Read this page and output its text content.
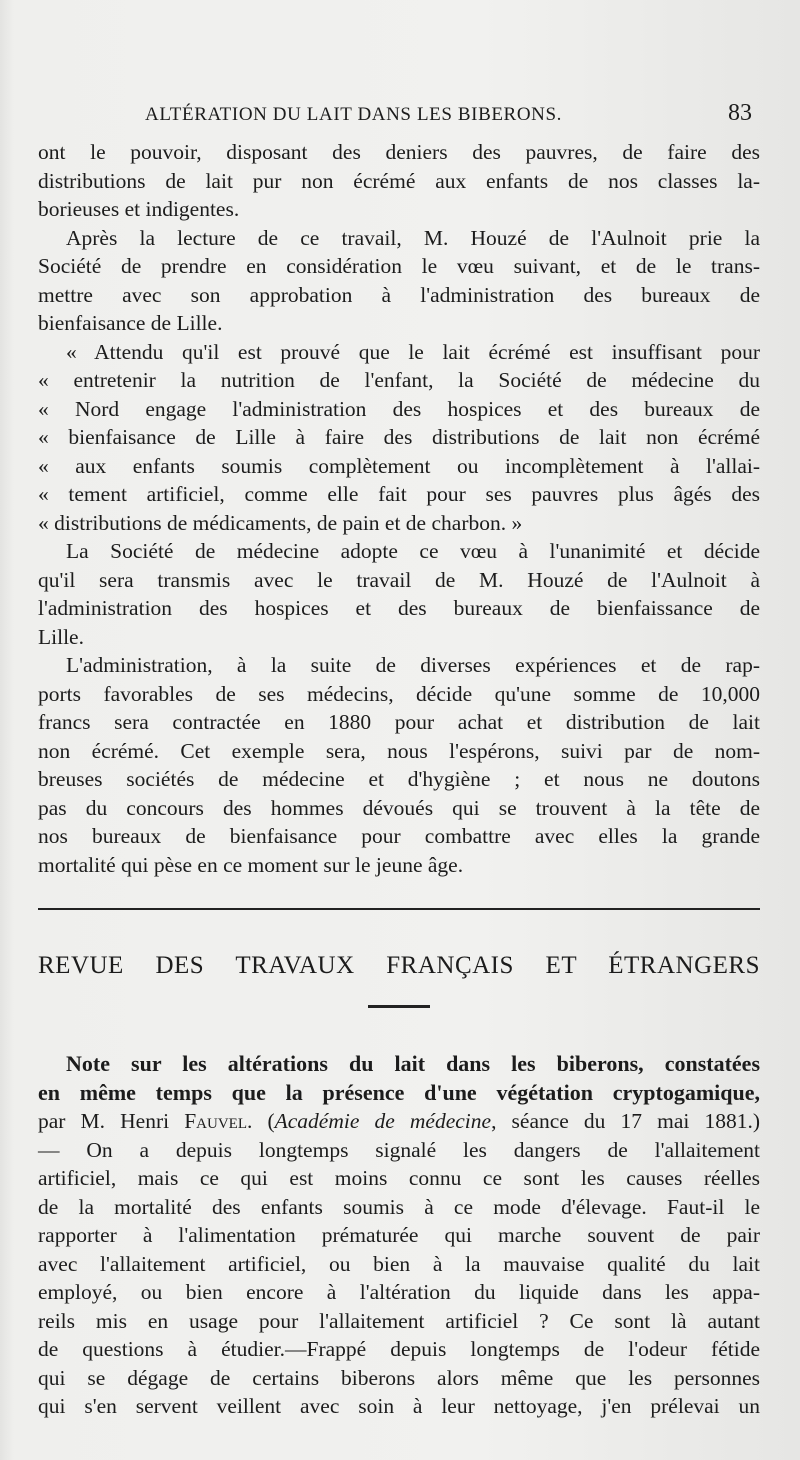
ALTÉRATION DU LAIT DANS LES BIBERONS.	83
ont le pouvoir, disposant des deniers des pauvres, de faire des
distributions de lait pur non écrémé aux enfants de nos classes la-
borieuses et indigentes.
Après la lecture de ce travail, M. Houzé de l'Aulnoit prie la
Société de prendre en considération le vœu suivant, et de le trans-
mettre avec son approbation à l'administration des bureaux de
bienfaisance de Lille.
« Attendu qu'il est prouvé que le lait écrémé est insuffisant pour
« entretenir la nutrition de l'enfant, la Société de médecine du
« Nord engage l'administration des hospices et des bureaux de
« bienfaisance de Lille à faire des distributions de lait non écrémé
« aux enfants soumis complètement ou incomplètement à l'allai-
« tement artificiel, comme elle fait pour ses pauvres plus âgés des
« distributions de médicaments, de pain et de charbon. »
La Société de médecine adopte ce vœu à l'unanimité et décide
qu'il sera transmis avec le travail de M. Houzé de l'Aulnoit à
l'administration des hospices et des bureaux de bienfaissance de
Lille.
L'administration, à la suite de diverses expériences et de rap-
ports favorables de ses médecins, décide qu'une somme de 10,000
francs sera contractée en 1880 pour achat et distribution de lait
non écrémé. Cet exemple sera, nous l'espérons, suivi par de nom-
breuses sociétés de médecine et d'hygiène ; et nous ne doutons
pas du concours des hommes dévoués qui se trouvent à la tête de
nos bureaux de bienfaisance pour combattre avec elles la grande
mortalité qui pèse en ce moment sur le jeune âge.
REVUE DES TRAVAUX FRANÇAIS ET ÉTRANGERS
Note sur les altérations du lait dans les biberons, constatées
en même temps que la présence d'une végétation cryptogamique,
par M. Henri Fauvel. (Académie de médecine, séance du 17 mai 1881.)
— On a depuis longtemps signalé les dangers de l'allaitement
artificiel, mais ce qui est moins connu ce sont les causes réelles
de la mortalité des enfants soumis à ce mode d'élevage. Faut-il le
rapporter à l'alimentation prématurée qui marche souvent de pair
avec l'allaitement artificiel, ou bien à la mauvaise qualité du lait
employé, ou bien encore à l'altération du liquide dans les appa-
reils mis en usage pour l'allaitement artificiel ? Ce sont là autant
de questions à étudier.—Frappé depuis longtemps de l'odeur fétide
qui se dégage de certains biberons alors même que les personnes
qui s'en servent veillent avec soin à leur nettoyage, j'en prélevai un
